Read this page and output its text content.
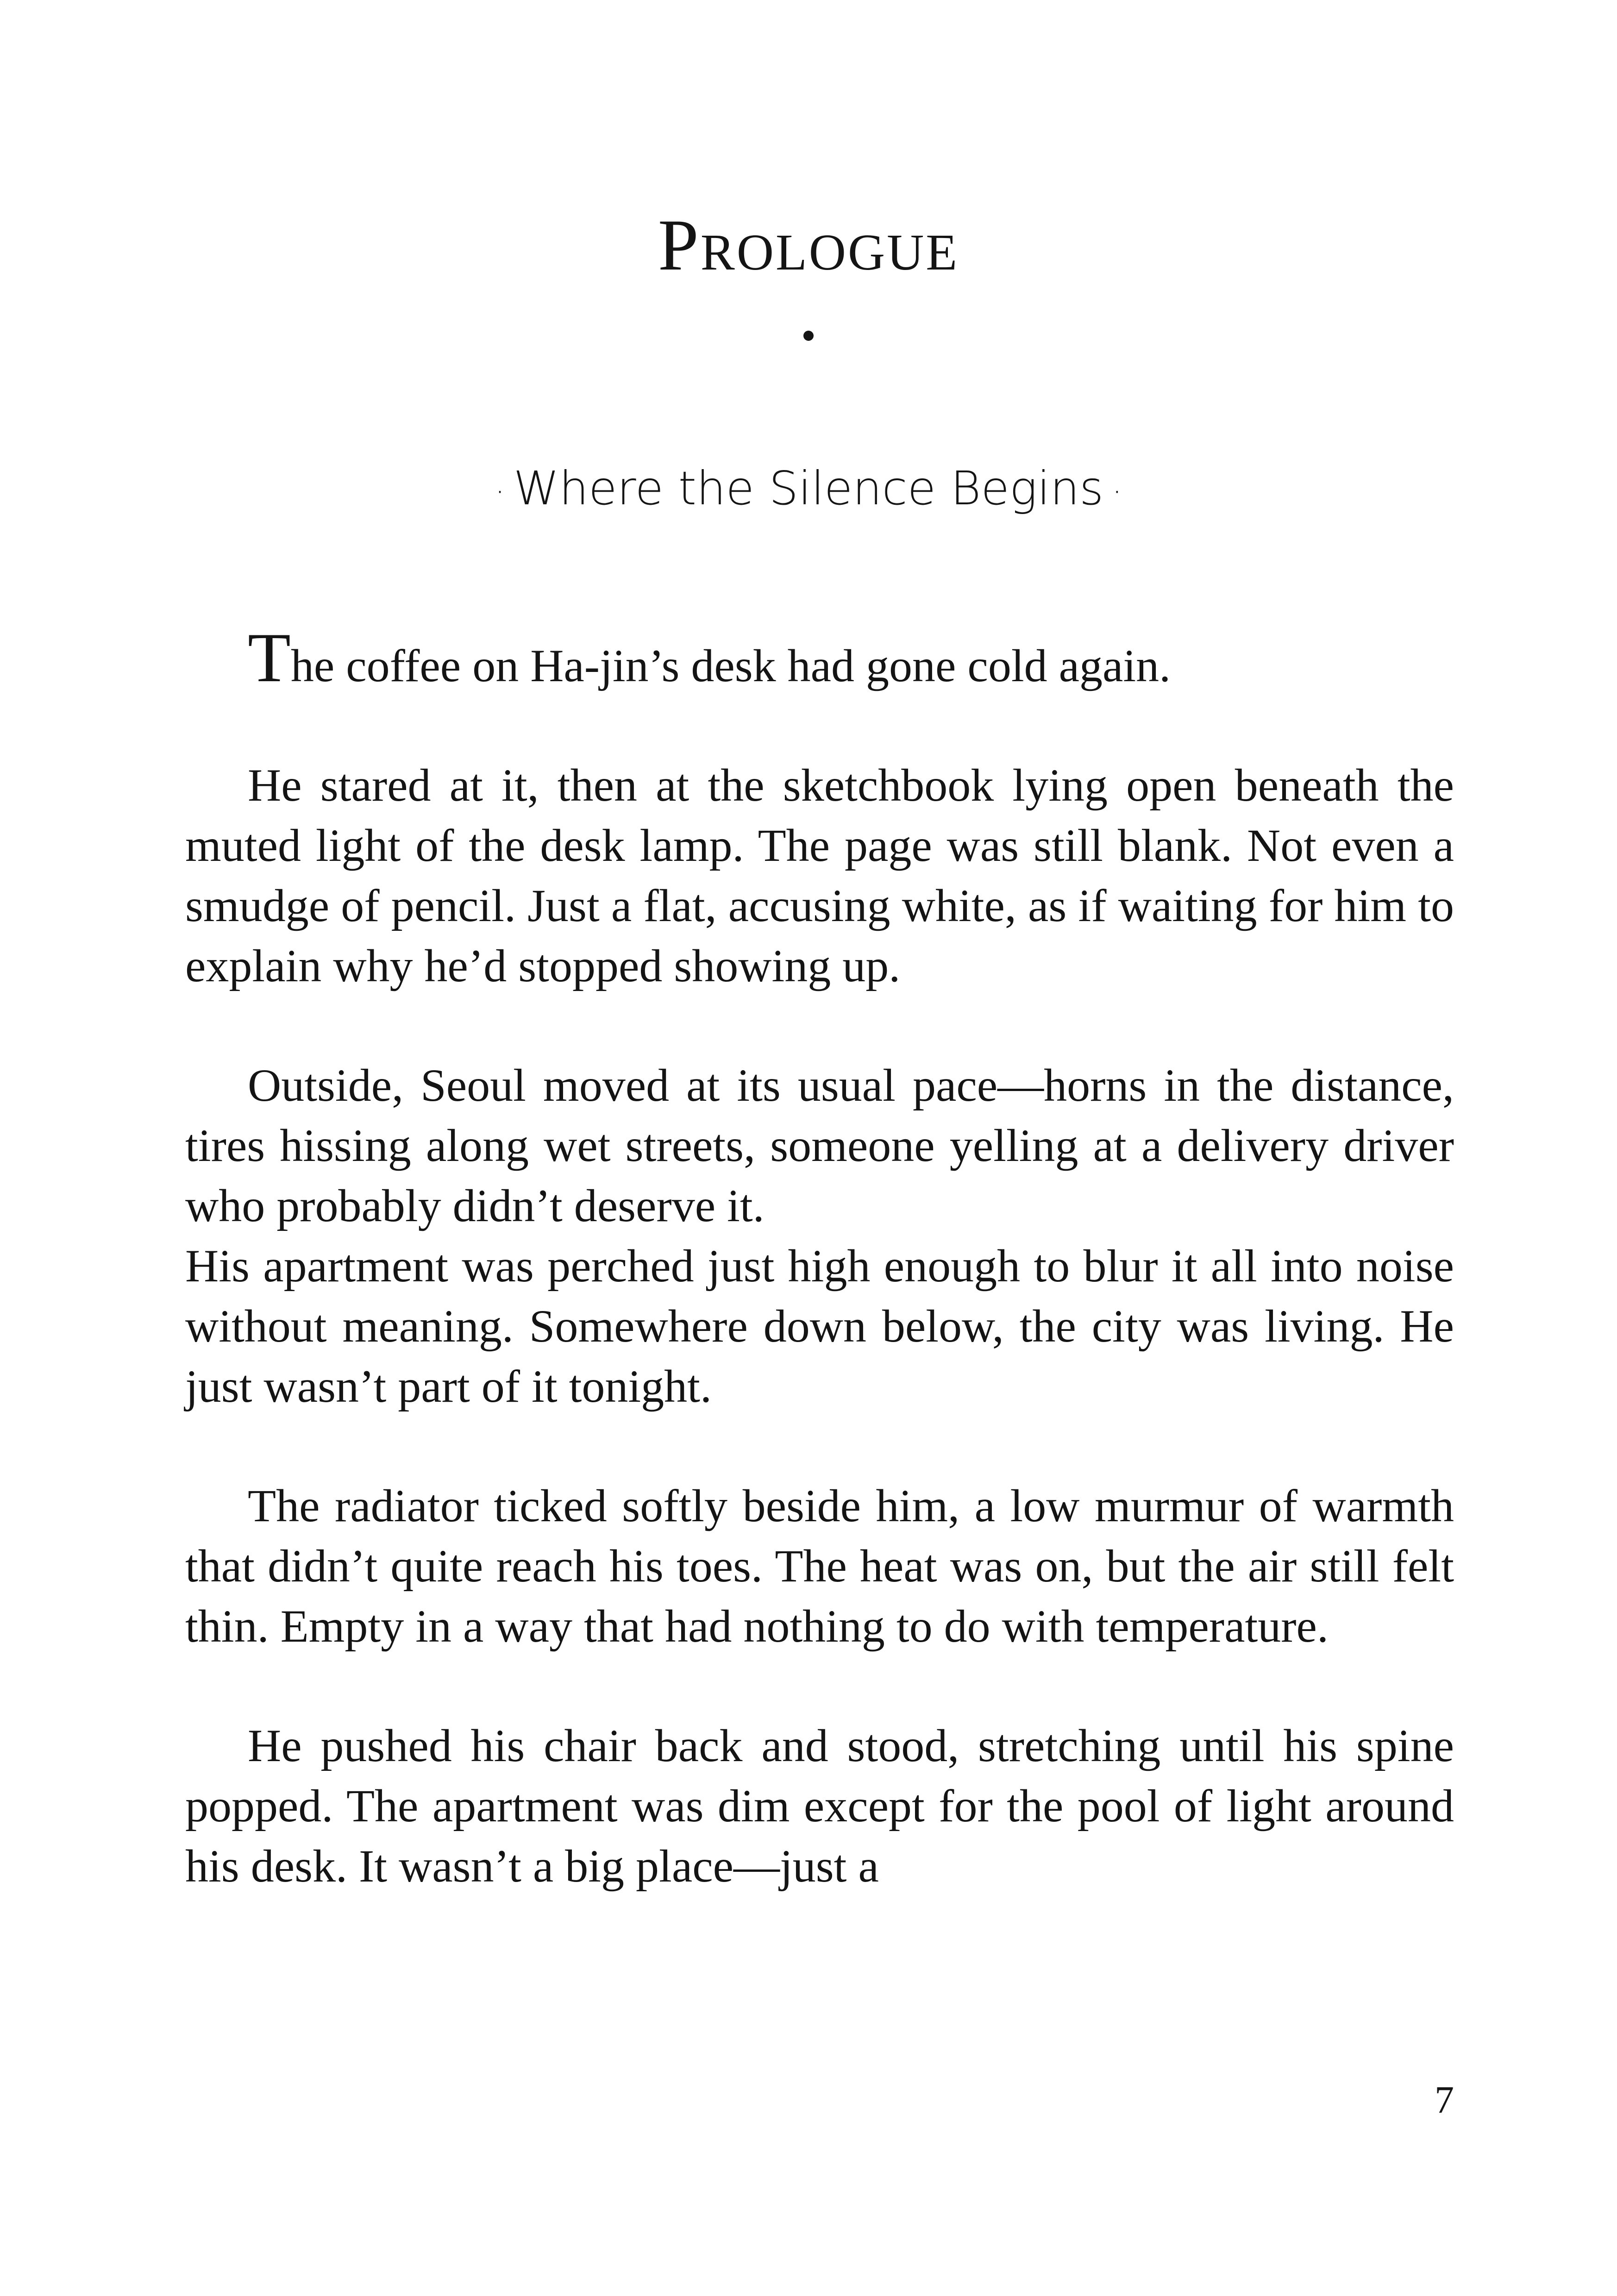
Prologue
· Where the Silence Begins ·

The coffee on Ha-jin’s desk had gone cold again.

He stared at it, then at the sketchbook lying open beneath the muted light of the desk lamp. The page was still blank. Not even a smudge of pencil. Just a flat, accusing white, as if waiting for him to explain why he’d stopped showing up.

Outside, Seoul moved at its usual pace—horns in the distance, tires hissing along wet streets, someone yelling at a delivery driver who probably didn’t deserve it.
His apartment was perched just high enough to blur it all into noise without meaning. Somewhere down below, the city was living. He just wasn’t part of it tonight.

The radiator ticked softly beside him, a low murmur of warmth that didn’t quite reach his toes. The heat was on, but the air still felt thin. Empty in a way that had nothing to do with temperature.

He pushed his chair back and stood, stretching until his spine popped. The apartment was dim except for the pool of light around his desk. It wasn’t a big place—just a

7
